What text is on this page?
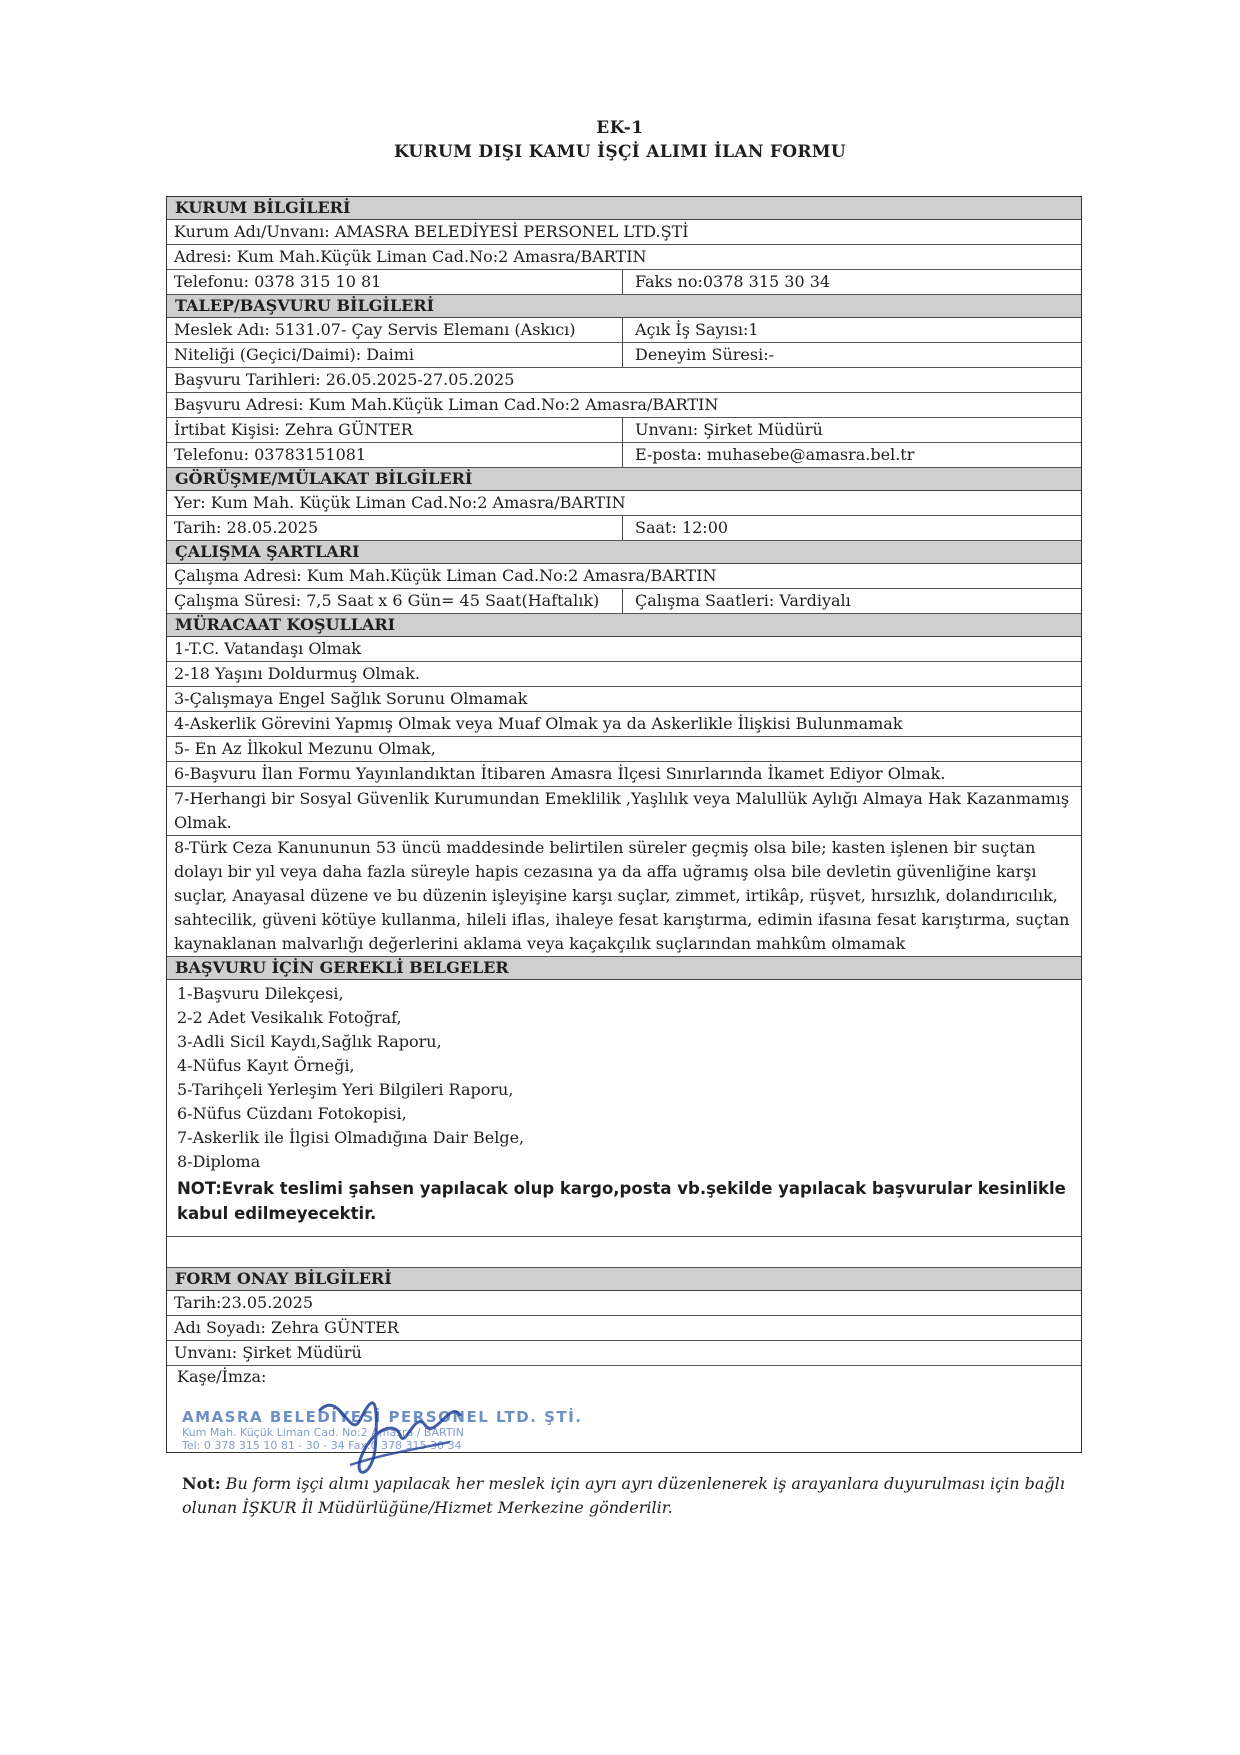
EK-1
KURUM DIŞI KAMU İŞÇİ ALIMI İLAN FORMU
KURUM BİLGİLERİ
Kurum Adı/Unvanı: AMASRA BELEDİYESİ PERSONEL LTD.ŞTİ
Adresi: Kum Mah.Küçük Liman Cad.No:2 Amasra/BARTIN
Telefonu: 0378 315 10 81	Faks no:0378 315 30 34
TALEP/BAŞVURU BİLGİLERİ
Meslek Adı: 5131.07- Çay Servis Elemanı (Askıcı)	Açık İş Sayısı:1
Niteliği (Geçici/Daimi): Daimi	Deneyim Süresi:-
Başvuru Tarihleri: 26.05.2025-27.05.2025
Başvuru Adresi: Kum Mah.Küçük Liman Cad.No:2 Amasra/BARTIN
İrtibat Kişisi: Zehra GÜNTER	Unvanı: Şirket Müdürü
Telefonu: 03783151081	E-posta: muhasebe@amasra.bel.tr
GÖRÜŞME/MÜLAKAT BİLGİLERİ
Yer: Kum Mah. Küçük Liman Cad.No:2 Amasra/BARTIN
Tarih: 28.05.2025	Saat: 12:00
ÇALIŞMA ŞARTLARI
Çalışma Adresi: Kum Mah.Küçük Liman Cad.No:2 Amasra/BARTIN
Çalışma Süresi: 7,5 Saat x 6 Gün= 45 Saat(Haftalık)	Çalışma Saatleri: Vardiyalı
MÜRACAAT KOŞULLARI
1-T.C. Vatandaşı Olmak
2-18 Yaşını Doldurmuş Olmak.
3-Çalışmaya Engel Sağlık Sorunu Olmamak
4-Askerlik Görevini Yapmış Olmak veya Muaf Olmak ya da Askerlikle İlişkisi Bulunmamak
5- En Az İlkokul Mezunu Olmak,
6-Başvuru İlan Formu Yayınlandıktan İtibaren Amasra İlçesi Sınırlarında İkamet Ediyor Olmak.
7-Herhangi bir Sosyal Güvenlik Kurumundan Emeklilik ,Yaşlılık veya Malullük Aylığı Almaya Hak Kazanmamış Olmak.
8-Türk Ceza Kanununun 53 üncü maddesinde belirtilen süreler geçmiş olsa bile; kasten işlenen bir suçtan dolayı bir yıl veya daha fazla süreyle hapis cezasına ya da affa uğramış olsa bile devletin güvenliğine karşı suçlar, Anayasal düzene ve bu düzenin işleyişine karşı suçlar, zimmet, irtikâp, rüşvet, hırsızlık, dolandırıcılık, sahtecilik, güveni kötüye kullanma, hileli iflas, ihaleye fesat karıştırma, edimin ifasına fesat karıştırma, suçtan kaynaklanan malvarlığı değerlerini aklama veya kaçakçılık suçlarından mahkûm olmamak
BAŞVURU İÇİN GEREKLİ BELGELER
1-Başvuru Dilekçesi,
2-2 Adet Vesikalık Fotoğraf,
3-Adli Sicil Kaydı,Sağlık Raporu,
4-Nüfus Kayıt Örneği,
5-Tarihçeli Yerleşim Yeri Bilgileri Raporu,
6-Nüfus Cüzdanı Fotokopisi,
7-Askerlik ile İlgisi Olmadığına Dair Belge,
8-Diploma
NOT:Evrak teslimi şahsen yapılacak olup kargo,posta vb.şekilde yapılacak başvurular kesinlikle kabul edilmeyecektir.
FORM ONAY BİLGİLERİ
Tarih:23.05.2025
Adı Soyadı: Zehra GÜNTER
Unvanı: Şirket Müdürü
Kaşe/İmza:
AMASRA BELEDİYESİ PERSONEL LTD. ŞTİ.
Kum Mah. Küçük Liman Cad. No:2 Amasra / BARTIN
Tel: 0 378 315 10 81 - 30 - 34 Fax:0 378 315 30 34
Not: Bu form işçi alımı yapılacak her meslek için ayrı ayrı düzenlenerek iş arayanlara duyurulması için bağlı olunan İŞKUR İl Müdürlüğüne/Hizmet Merkezine gönderilir.
